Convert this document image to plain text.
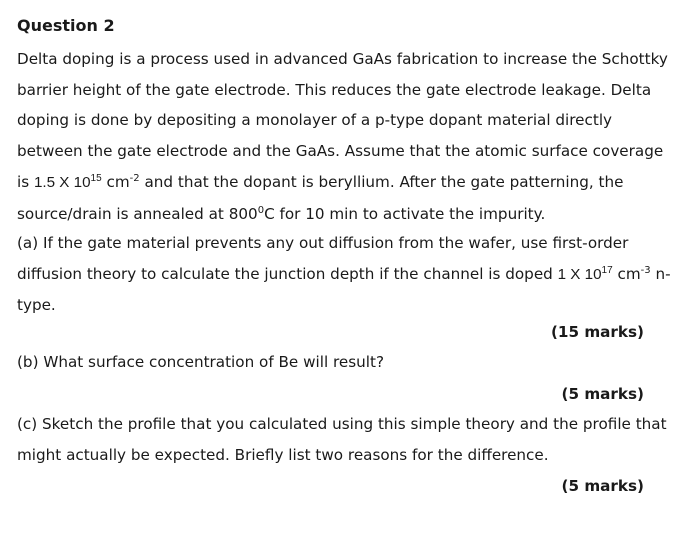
Question 2

Delta doping is a process used in advanced GaAs fabrication to increase the Schottky barrier height of the gate electrode. This reduces the gate electrode leakage. Delta doping is done by depositing a monolayer of a p-type dopant material directly between the gate electrode and the GaAs. Assume that the atomic surface coverage is 1.5 X $10^{15}$ $cm^{-2}$ and that the dopant is beryllium. After the gate patterning, the source/drain is annealed at $800^0C$ for 10 min to activate the impurity.

(a) If the gate material prevents any out diffusion from the wafer, use first-order diffusion theory to calculate the junction depth if the channel is doped 1 X $10^{17}$ $cm^{-3}$ n-type.

(15 marks)

(b) What surface concentration of Be will result?

(5 marks)

(c) Sketch the profile that you calculated using this simple theory and the profile that might actually be expected. Briefly list two reasons for the difference.

(5 marks)
